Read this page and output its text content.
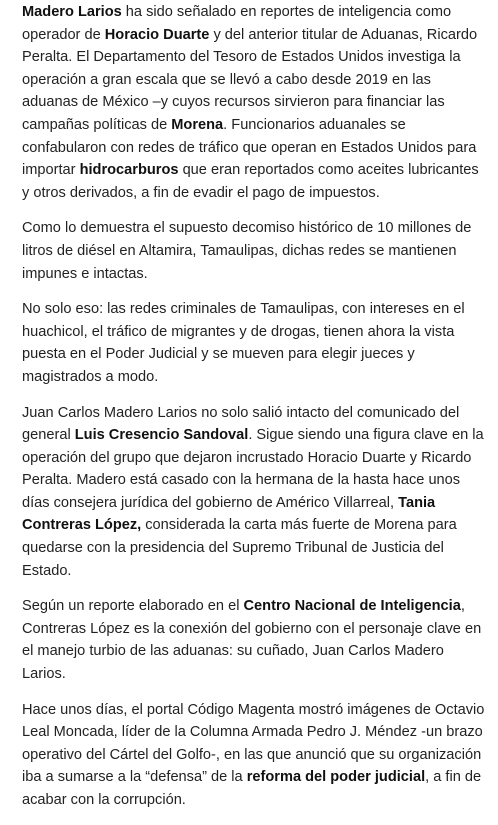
Madero Larios ha sido señalado en reportes de inteligencia como operador de Horacio Duarte y del anterior titular de Aduanas, Ricardo Peralta. El Departamento del Tesoro de Estados Unidos investiga la operación a gran escala que se llevó a cabo desde 2019 en las aduanas de México –y cuyos recursos sirvieron para financiar las campañas políticas de Morena. Funcionarios aduanales se confabularon con redes de tráfico que operan en Estados Unidos para importar hidrocarburos que eran reportados como aceites lubricantes y otros derivados, a fin de evadir el pago de impuestos.

Como lo demuestra el supuesto decomiso histórico de 10 millones de litros de diésel en Altamira, Tamaulipas, dichas redes se mantienen impunes e intactas.

No solo eso: las redes criminales de Tamaulipas, con intereses en el huachicol, el tráfico de migrantes y de drogas, tienen ahora la vista puesta en el Poder Judicial y se mueven para elegir jueces y magistrados a modo.

Juan Carlos Madero Larios no solo salió intacto del comunicado del general Luis Cresencio Sandoval. Sigue siendo una figura clave en la operación del grupo que dejaron incrustado Horacio Duarte y Ricardo Peralta. Madero está casado con la hermana de la hasta hace unos días consejera jurídica del gobierno de Américo Villarreal, Tania Contreras López, considerada la carta más fuerte de Morena para quedarse con la presidencia del Supremo Tribunal de Justicia del Estado.

Según un reporte elaborado en el Centro Nacional de Inteligencia, Contreras López es la conexión del gobierno con el personaje clave en el manejo turbio de las aduanas: su cuñado, Juan Carlos Madero Larios.

Hace unos días, el portal Código Magenta mostró imágenes de Octavio Leal Moncada, líder de la Columna Armada Pedro J. Méndez -un brazo operativo del Cártel del Golfo-, en las que anunció que su organización iba a sumarse a la “defensa” de la reforma del poder judicial, a fin de acabar con la corrupción.
